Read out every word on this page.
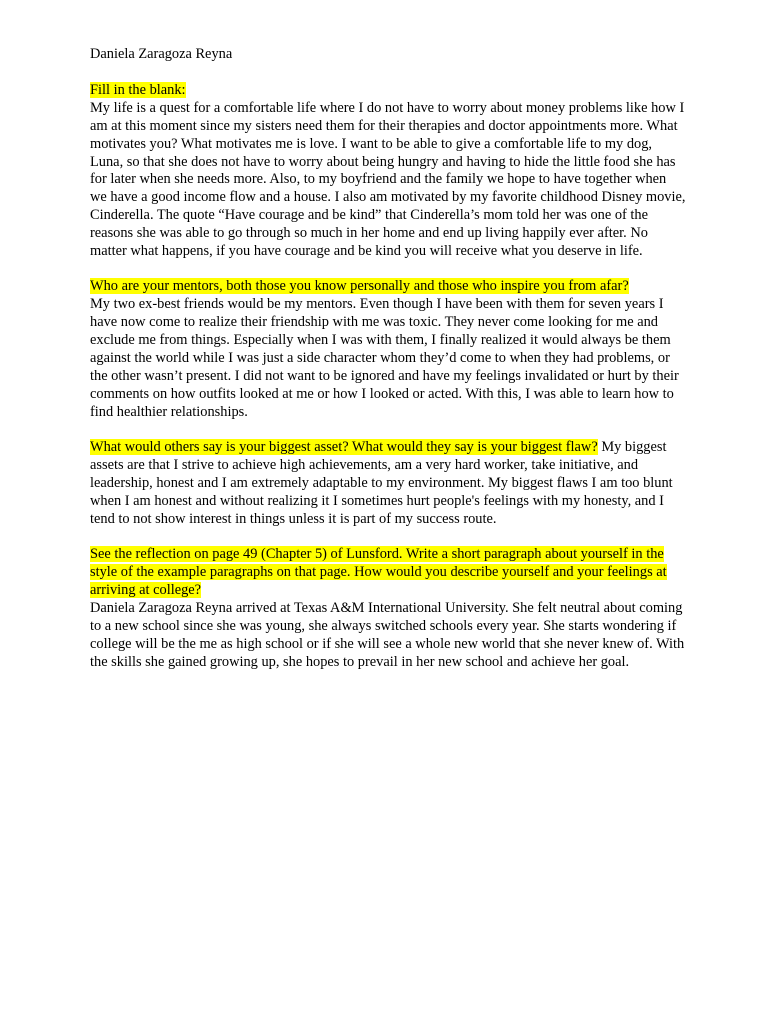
Daniela Zaragoza Reyna

Fill in the blank:
My life is a quest for a comfortable life where I do not have to worry about money problems like how I am at this moment since my sisters need them for their therapies and doctor appointments more. What motivates you? What motivates me is love. I want to be able to give a comfortable life to my dog, Luna, so that she does not have to worry about being hungry and having to hide the little food she has for later when she needs more. Also, to my boyfriend and the family we hope to have together when we have a good income flow and a house. I also am motivated by my favorite childhood Disney movie, Cinderella. The quote “Have courage and be kind” that Cinderella’s mom told her was one of the reasons she was able to go through so much in her home and end up living happily ever after. No matter what happens, if you have courage and be kind you will receive what you deserve in life.

Who are your mentors, both those you know personally and those who inspire you from afar?
My two ex-best friends would be my mentors. Even though I have been with them for seven years I have now come to realize their friendship with me was toxic. They never come looking for me and exclude me from things. Especially when I was with them, I finally realized it would always be them against the world while I was just a side character whom they’d come to when they had problems, or the other wasn’t present. I did not want to be ignored and have my feelings invalidated or hurt by their comments on how outfits looked at me or how I looked or acted. With this, I was able to learn how to find healthier relationships.

What would others say is your biggest asset? What would they say is your biggest flaw? My biggest assets are that I strive to achieve high achievements, am a very hard worker, take initiative, and leadership, honest and I am extremely adaptable to my environment. My biggest flaws I am too blunt when I am honest and without realizing it I sometimes hurt people's feelings with my honesty, and I tend to not show interest in things unless it is part of my success route.

See the reflection on page 49 (Chapter 5) of Lunsford. Write a short paragraph about yourself in the style of the example paragraphs on that page. How would you describe yourself and your feelings at arriving at college?
Daniela Zaragoza Reyna arrived at Texas A&M International University. She felt neutral about coming to a new school since she was young, she always switched schools every year. She starts wondering if college will be the me as high school or if she will see a whole new world that she never knew of. With the skills she gained growing up, she hopes to prevail in her new school and achieve her goal.
